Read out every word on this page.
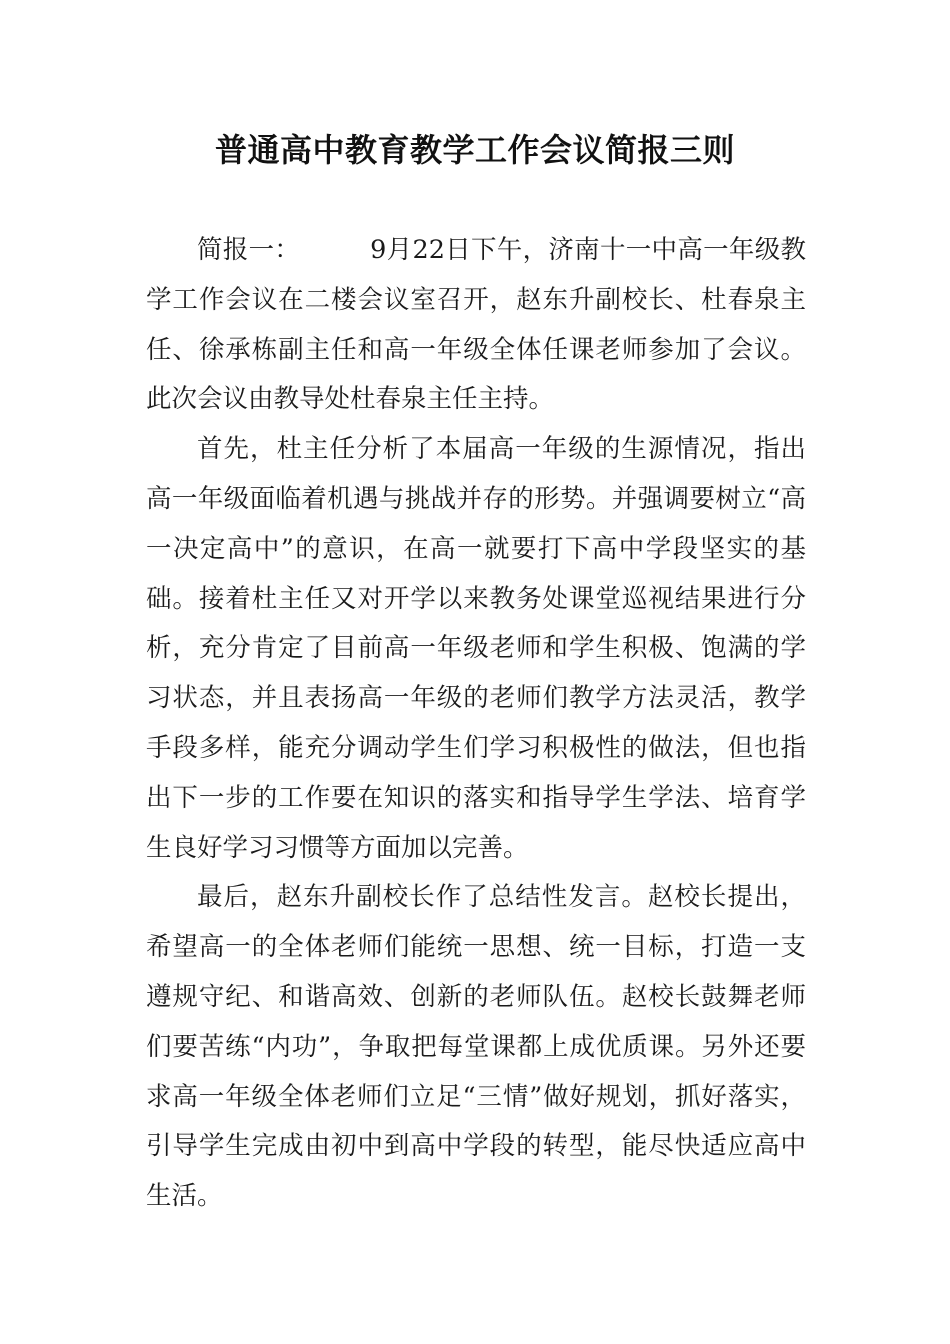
普通高中教育教学工作会议简报三则

简报一：	9月22日下午，济南十一中高一年级教学工作会议在二楼会议室召开，赵东升副校长、杜春泉主任、徐承栋副主任和高一年级全体任课老师参加了会议。此次会议由教导处杜春泉主任主持。

首先，杜主任分析了本届高一年级的生源情况，指出高一年级面临着机遇与挑战并存的形势。并强调要树立“高一决定高中”的意识，在高一就要打下高中学段坚实的基础。接着杜主任又对开学以来教务处课堂巡视结果进行分析，充分肯定了目前高一年级老师和学生积极、饱满的学习状态，并且表扬高一年级的老师们教学方法灵活，教学手段多样，能充分调动学生们学习积极性的做法，但也指出下一步的工作要在知识的落实和指导学生学法、培育学生良好学习习惯等方面加以完善。

最后，赵东升副校长作了总结性发言。赵校长提出，希望高一的全体老师们能统一思想、统一目标，打造一支遵规守纪、和谐高效、创新的老师队伍。赵校长鼓舞老师们要苦练“内功”，争取把每堂课都上成优质课。另外还要求高一年级全体老师们立足“三情”做好规划，抓好落实，引导学生完成由初中到高中学段的转型，能尽快适应高中生活。
